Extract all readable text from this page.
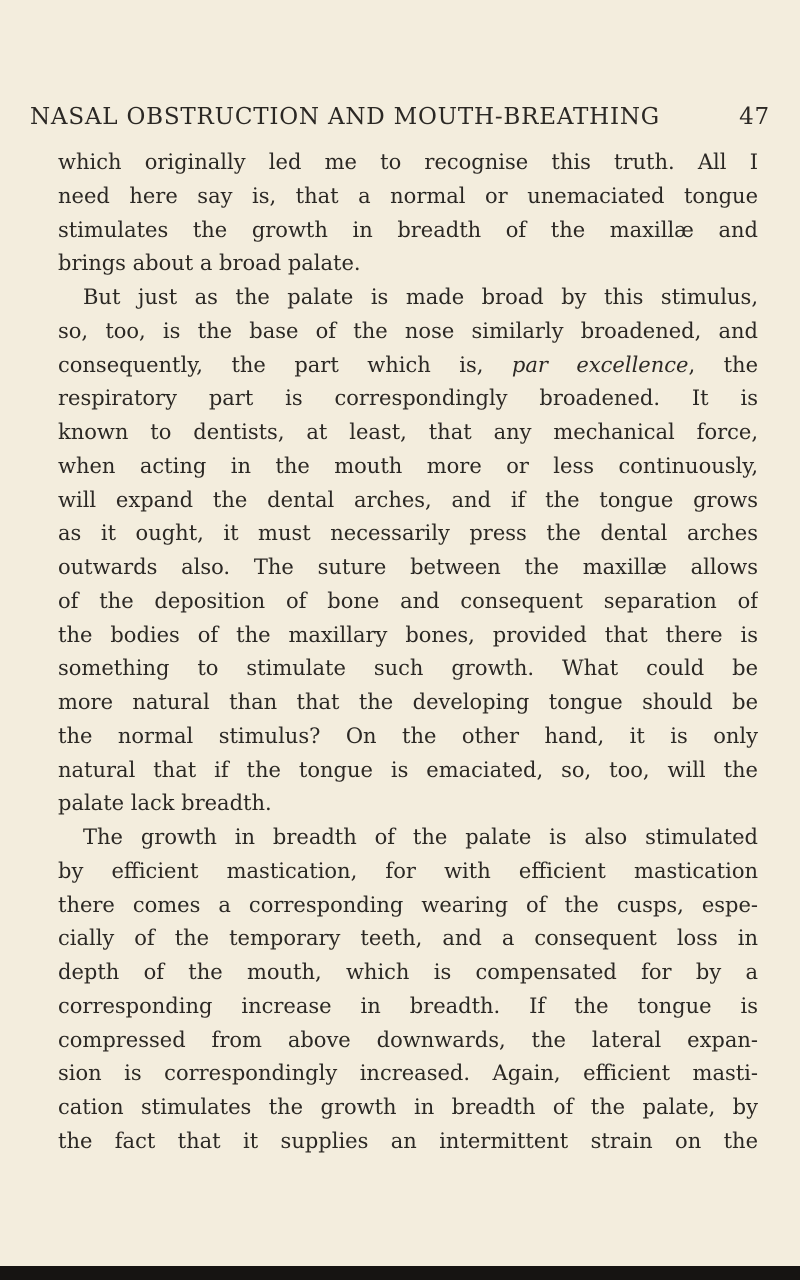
NASAL OBSTRUCTION AND MOUTH-BREATHING	47
which originally led me to recognise this truth. All I
need here say is, that a normal or unemaciated tongue
stimulates the growth in breadth of the maxillæ and
brings about a broad palate.
But just as the palate is made broad by this stimulus,
so, too, is the base of the nose similarly broadened, and
consequently, the part which is, par excellence, the
respiratory part is correspondingly broadened. It is
known to dentists, at least, that any mechanical force,
when acting in the mouth more or less continuously,
will expand the dental arches, and if the tongue grows
as it ought, it must necessarily press the dental arches
outwards also. The suture between the maxillæ allows
of the deposition of bone and consequent separation of
the bodies of the maxillary bones, provided that there is
something to stimulate such growth. What could be
more natural than that the developing tongue should be
the normal stimulus? On the other hand, it is only
natural that if the tongue is emaciated, so, too, will the
palate lack breadth.
The growth in breadth of the palate is also stimulated
by efficient mastication, for with efficient mastication
there comes a corresponding wearing of the cusps, espe-
cially of the temporary teeth, and a consequent loss in
depth of the mouth, which is compensated for by a
corresponding increase in breadth. If the tongue is
compressed from above downwards, the lateral expan-
sion is correspondingly increased. Again, efficient masti-
cation stimulates the growth in breadth of the palate, by
the fact that it supplies an intermittent strain on the
